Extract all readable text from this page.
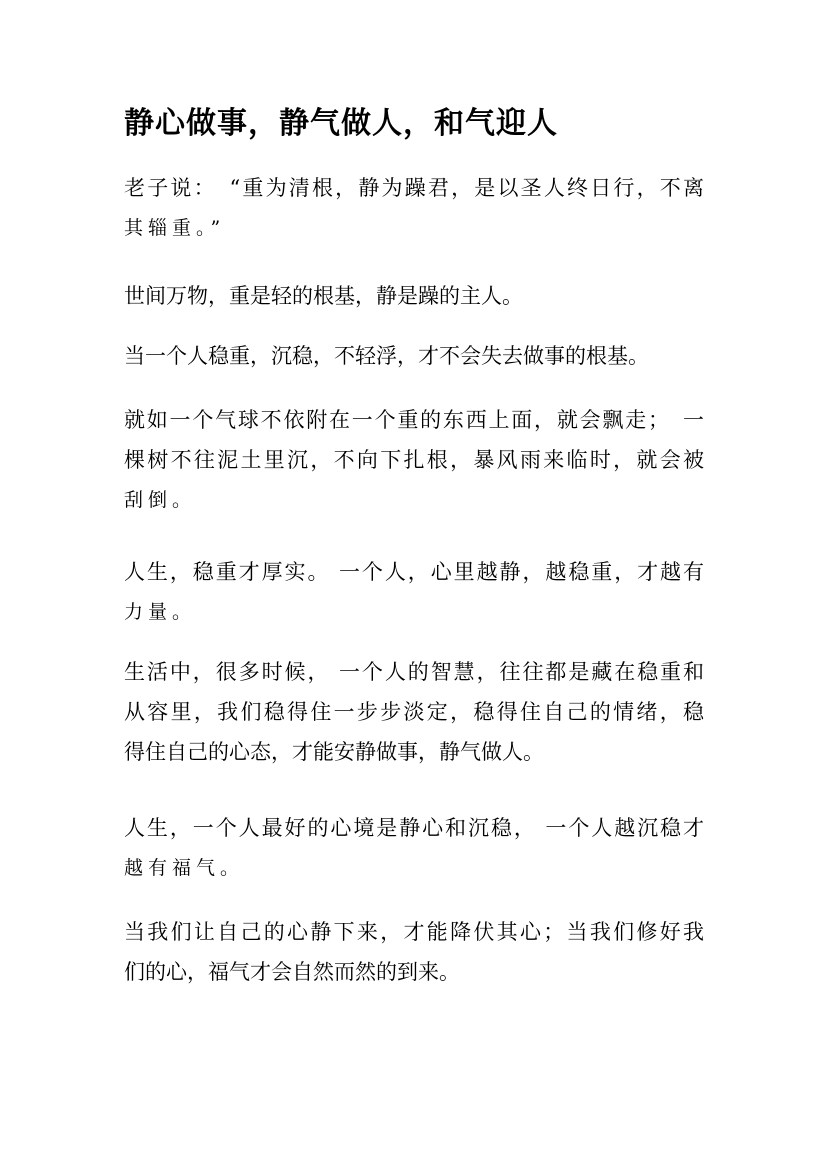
静心做事，静气做人，和气迎人

老子说：　“重为清根，静为躁君，是以圣人终日行，不离
其辎重。”

世间万物，重是轻的根基，静是躁的主人。

当一个人稳重，沉稳，不轻浮，才不会失去做事的根基。

就如一个气球不依附在一个重的东西上面，就会飘走；　一
棵树不往泥土里沉，不向下扎根，暴风雨来临时，就会被
刮倒。

人生，稳重才厚实。 一个人，心里越静，越稳重，才越有
力量。

生活中，很多时候， 一个人的智慧，往往都是藏在稳重和
从容里，我们稳得住一步步淡定，稳得住自己的情绪，稳
得住自己的心态，才能安静做事，静气做人。

人生，一个人最好的心境是静心和沉稳， 一个人越沉稳才
越有福气。

当我们让自己的心静下来，才能降伏其心；当我们修好我
们的心，福气才会自然而然的到来。
